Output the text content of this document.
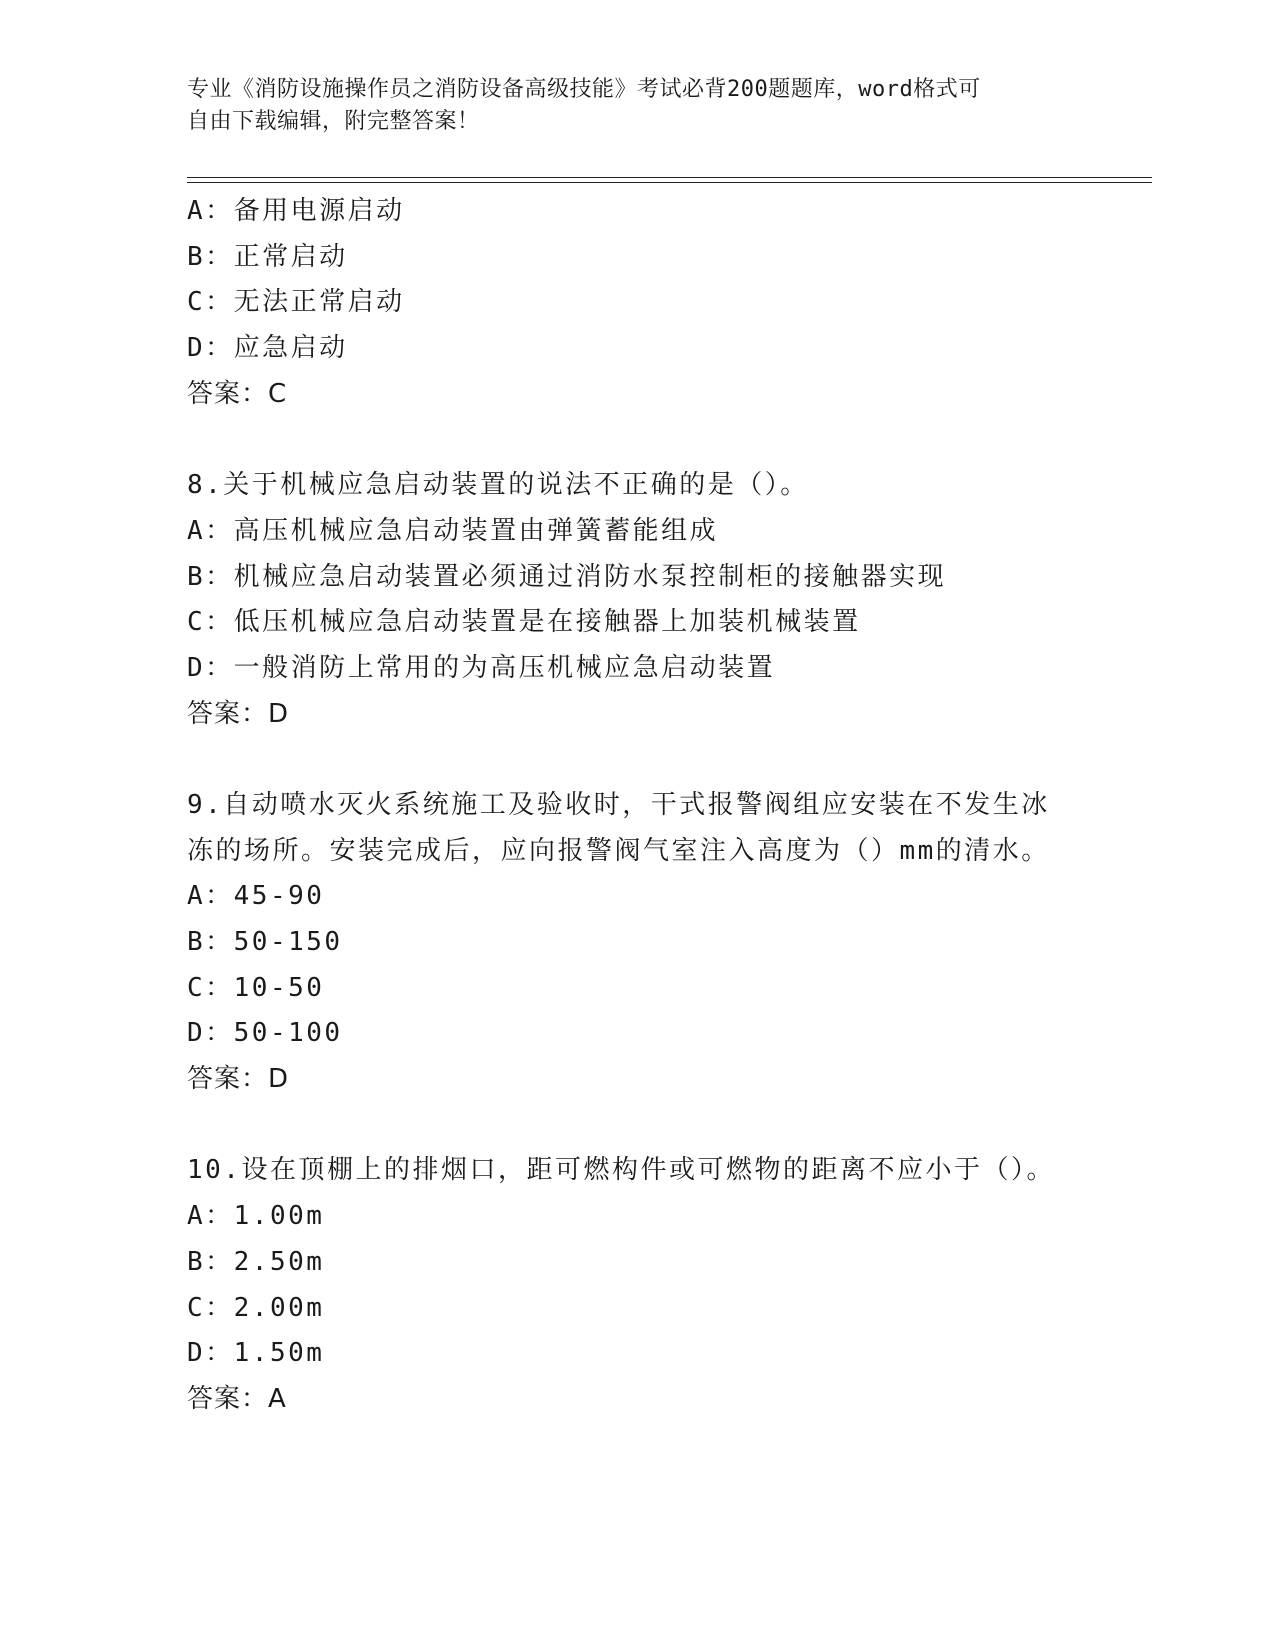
专业《消防设施操作员之消防设备高级技能》考试必背200题题库，word格式可
自由下载编辑，附完整答案！
A：备用电源启动
B：正常启动
C：无法正常启动
D：应急启动
答案：C
8.关于机械应急启动装置的说法不正确的是（）。
A：高压机械应急启动装置由弹簧蓄能组成
B：机械应急启动装置必须通过消防水泵控制柜的接触器实现
C：低压机械应急启动装置是在接触器上加装机械装置
D：一般消防上常用的为高压机械应急启动装置
答案：D
9.自动喷水灭火系统施工及验收时，干式报警阀组应安装在不发生冰
冻的场所。安装完成后，应向报警阀气室注入高度为（）mm的清水。
A：45-90
B：50-150
C：10-50
D：50-100
答案：D
10.设在顶棚上的排烟口，距可燃构件或可燃物的距离不应小于（）。
A：1.00m
B：2.50m
C：2.00m
D：1.50m
答案：A
